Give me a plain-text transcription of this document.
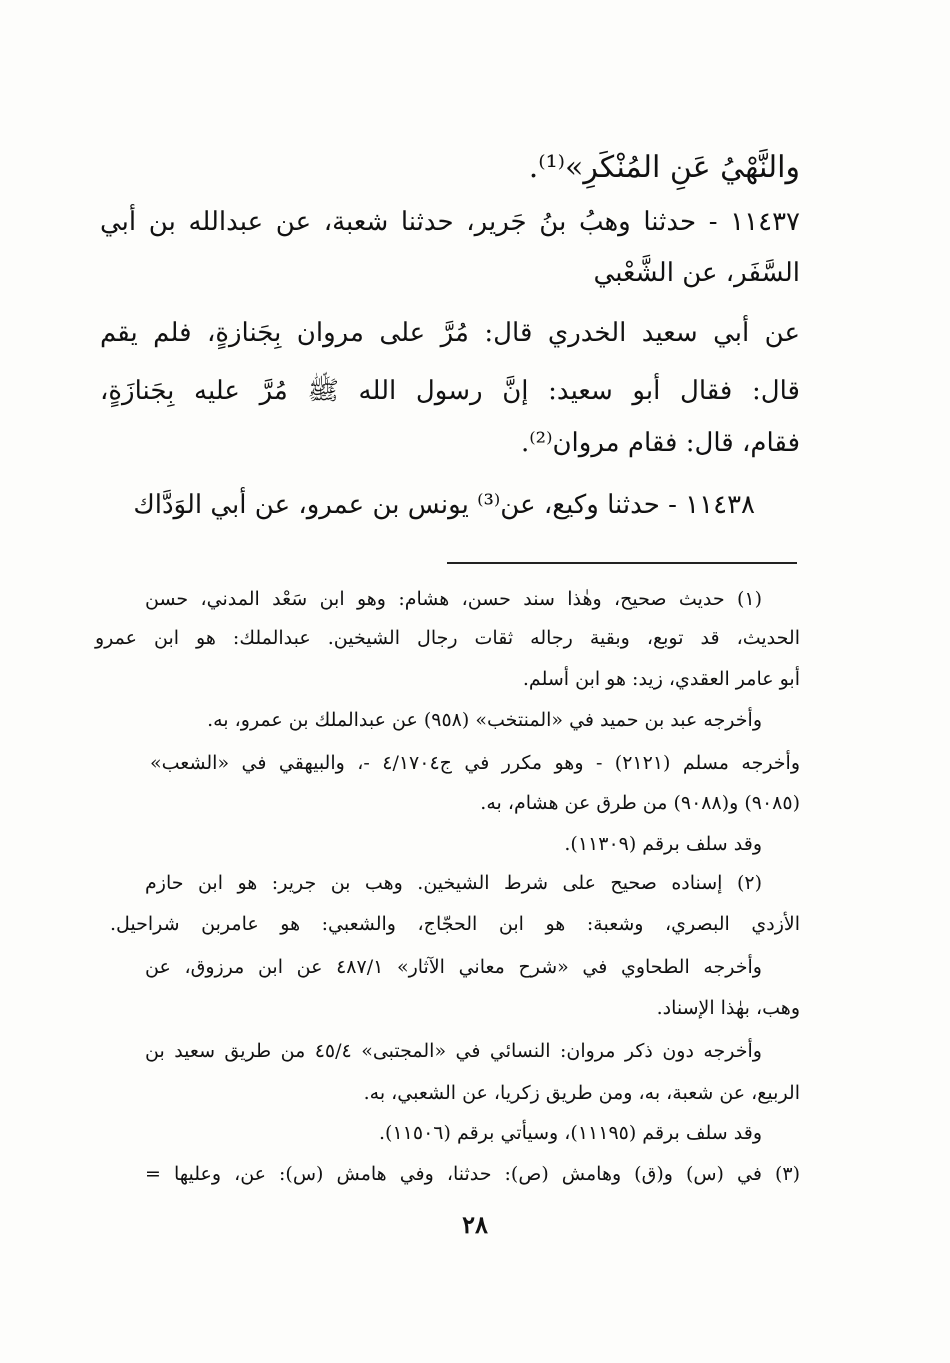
والنَّهْيُ عَنِ المُنْكَرِ»⁽¹⁾.
١١٤٣٧ - حدثنا وهبُ بنُ جَرير، حدثنا شعبة، عن عبدالله بن أبي
السَّفَر، عن الشَّعْبي
عن أبي سعيد الخدري قال: مُرَّ على مروان بِجَنازةٍ، فلم يقم
قال: فقال أبو سعيد: إنَّ رسول الله ﷺ مُرَّ عليه بِجَنازَةٍ،
فقام، قال: فقام مروان⁽²⁾.
١١٤٣٨ - حدثنا وكيع، عن⁽³⁾ يونس بن عمرو، عن أبي الوَدَّاك
(١) حديث صحيح، وهٰذا سند حسن، هشام: وهو ابن سَعْد المدني، حسن
الحديث، قد توبع، وبقية رجاله ثقات رجال الشيخين. عبدالملك: هو ابن عمرو
أبو عامر العقدي، زيد: هو ابن أسلم.
وأخرجه عبد بن حميد في «المنتخب» (٩٥٨) عن عبدالملك بن عمرو، به.
وأخرجه مسلم (٢١٢١) - وهو مكرر في ج٤/١٧٠٤ -، والبيهقي في «الشعب»
(٩٠٨٥) و(٩٠٨٨) من طرق عن هشام، به.
وقد سلف برقم (١١٣٠٩).
(٢) إسناده صحيح على شرط الشيخين. وهب بن جرير: هو ابن حازم
الأزدي البصري، وشعبة: هو ابن الحجّاج، والشعبي: هو عامربن شراحيل.
وأخرجه الطحاوي في «شرح معاني الآثار» ٤٨٧/١ عن ابن مرزوق، عن
وهب، بهٰذا الإسناد.
وأخرجه دون ذكر مروان: النسائي في «المجتبى» ٤٥/٤ من طريق سعيد بن
الربيع، عن شعبة، به، ومن طريق زكريا، عن الشعبي، به.
وقد سلف برقم (١١١٩٥)، وسيأتي برقم (١١٥٠٦).
(٣) في (س) و(ق) وهامش (ص): حدثنا، وفي هامش (س): عن، وعليها =
٢٨
